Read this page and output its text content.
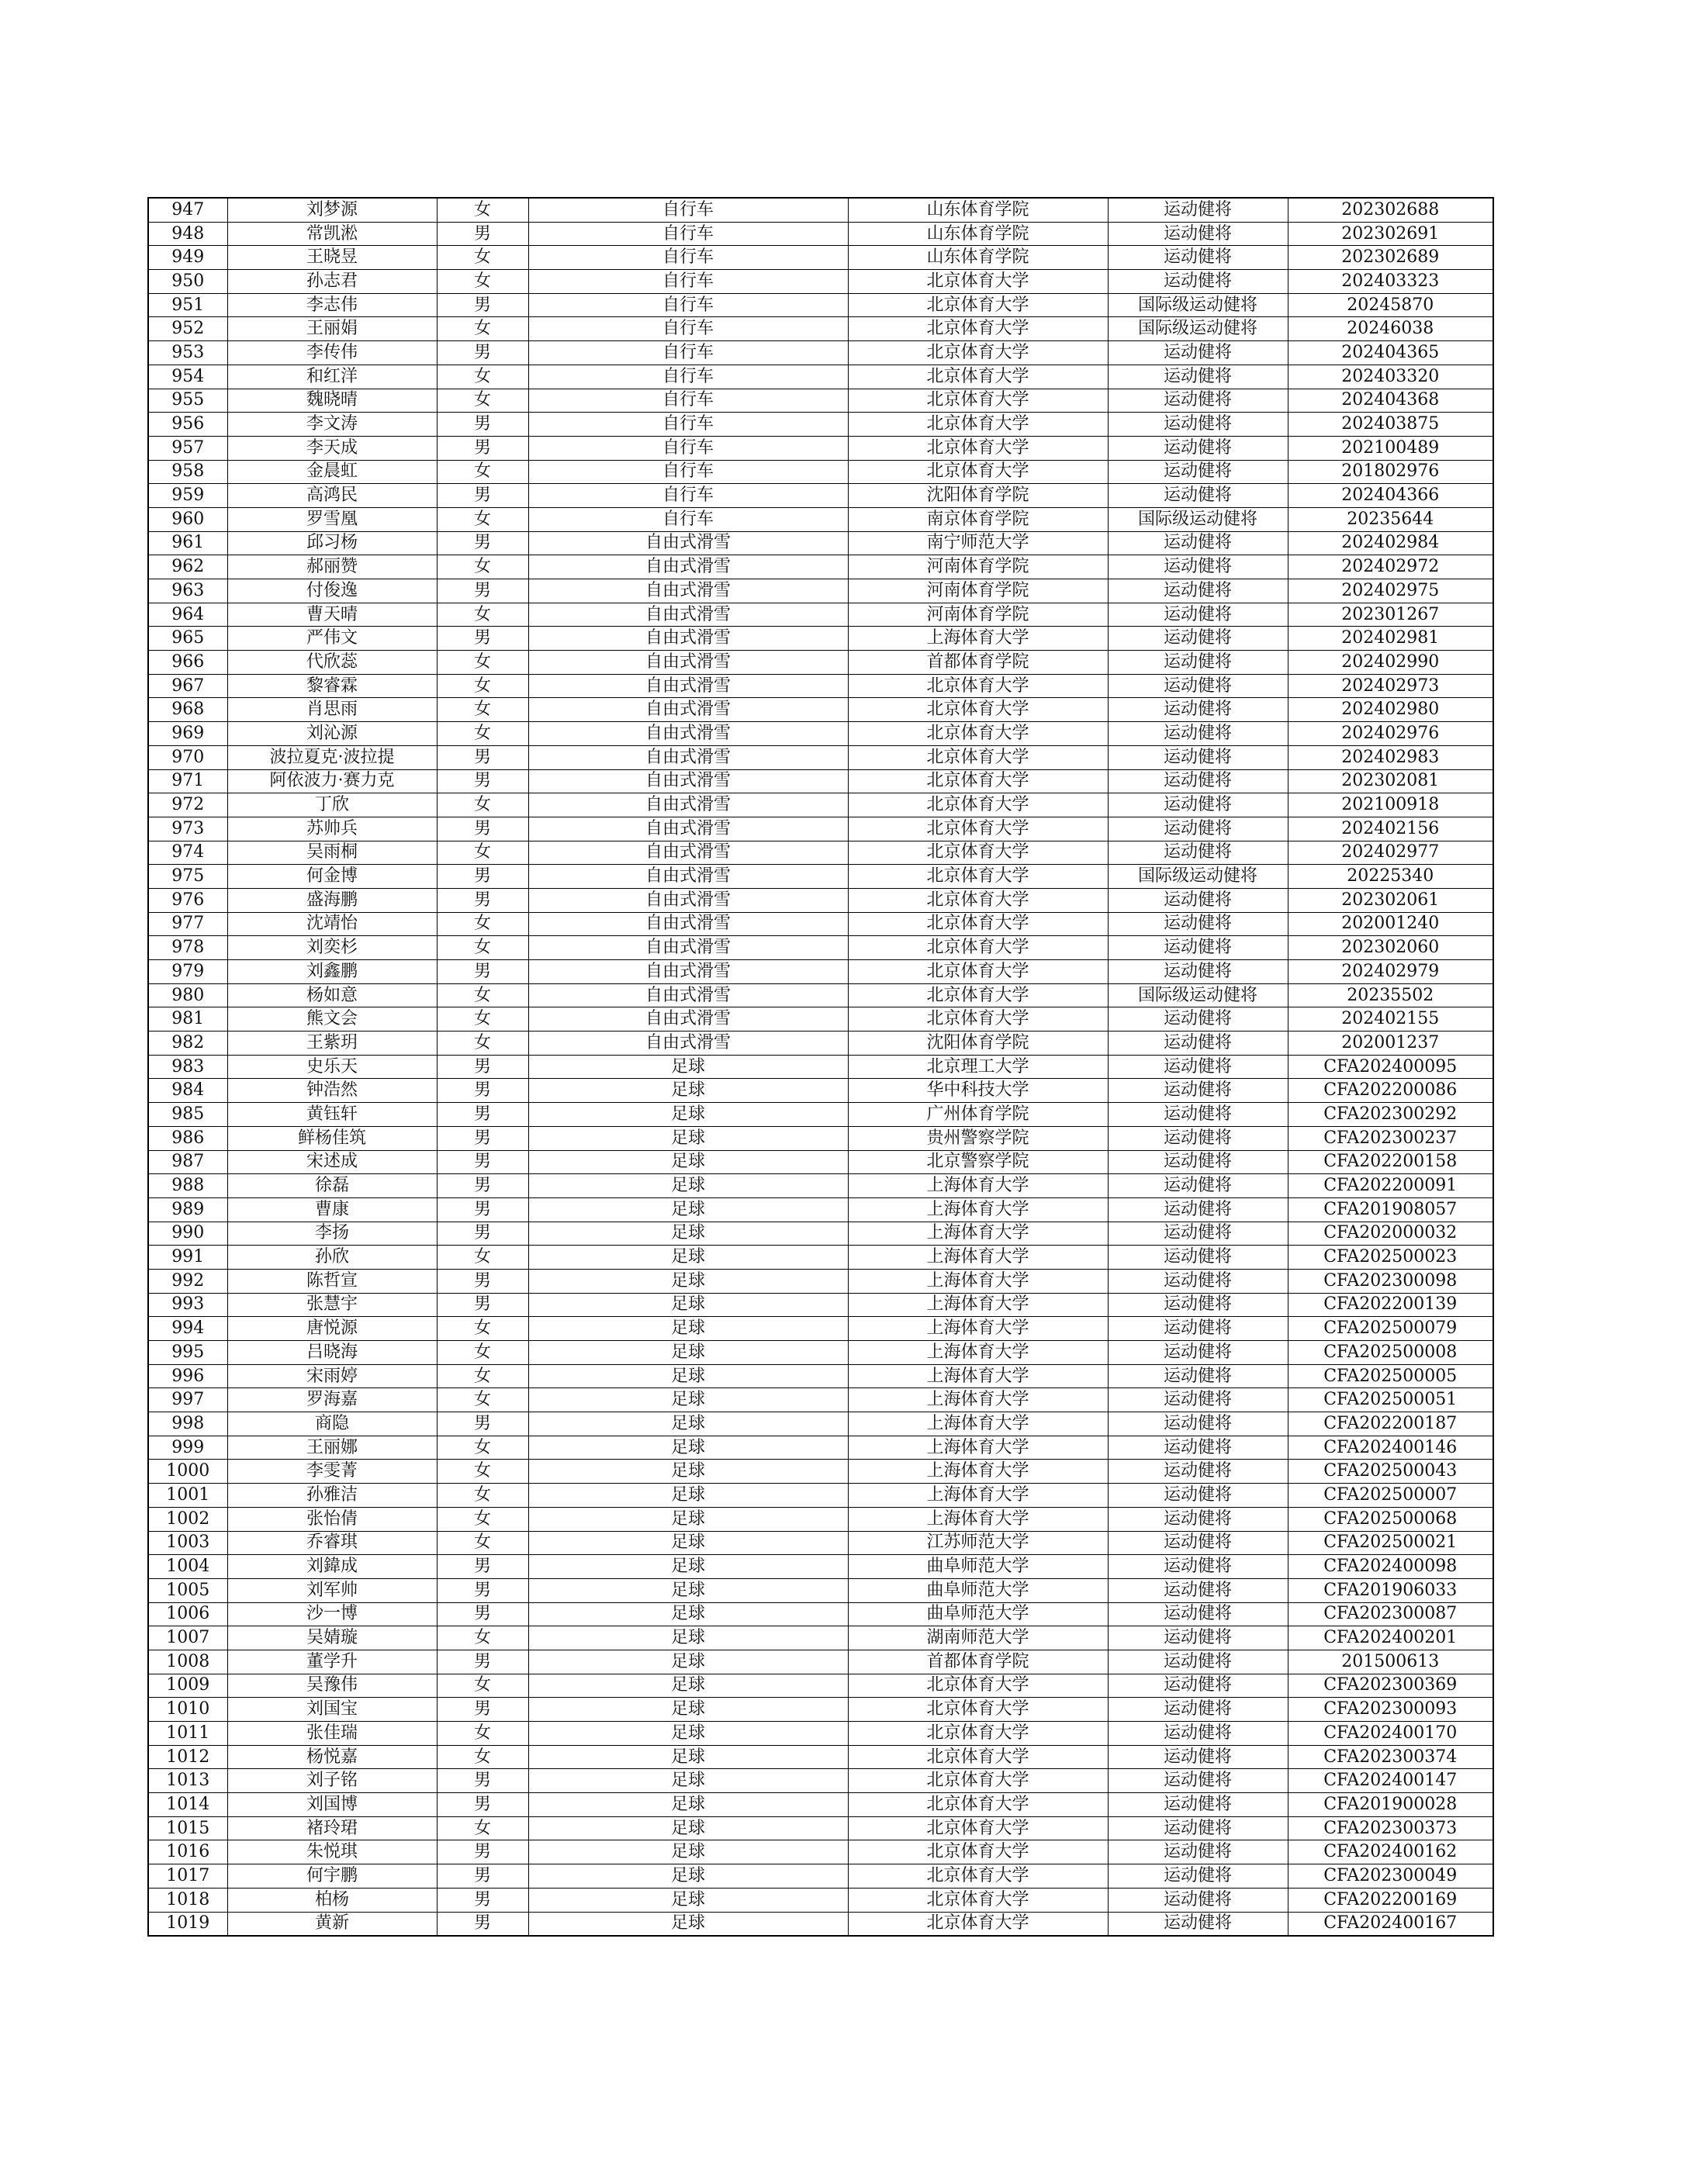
947	刘梦源	女	自行车	山东体育学院	运动健将	202302688
948	常凯淞	男	自行车	山东体育学院	运动健将	202302691
949	王晓昱	女	自行车	山东体育学院	运动健将	202302689
950	孙志君	女	自行车	北京体育大学	运动健将	202403323
951	李志伟	男	自行车	北京体育大学	国际级运动健将	20245870
952	王丽娟	女	自行车	北京体育大学	国际级运动健将	20246038
953	李传伟	男	自行车	北京体育大学	运动健将	202404365
954	和红洋	女	自行车	北京体育大学	运动健将	202403320
955	魏晓晴	女	自行车	北京体育大学	运动健将	202404368
956	李文涛	男	自行车	北京体育大学	运动健将	202403875
957	李天成	男	自行车	北京体育大学	运动健将	202100489
958	金晨虹	女	自行车	北京体育大学	运动健将	201802976
959	高鸿民	男	自行车	沈阳体育学院	运动健将	202404366
960	罗雪凰	女	自行车	南京体育学院	国际级运动健将	20235644
961	邱习杨	男	自由式滑雪	南宁师范大学	运动健将	202402984
962	郝丽赞	女	自由式滑雪	河南体育学院	运动健将	202402972
963	付俊逸	男	自由式滑雪	河南体育学院	运动健将	202402975
964	曹天晴	女	自由式滑雪	河南体育学院	运动健将	202301267
965	严伟文	男	自由式滑雪	上海体育大学	运动健将	202402981
966	代欣蕊	女	自由式滑雪	首都体育学院	运动健将	202402990
967	黎睿霖	女	自由式滑雪	北京体育大学	运动健将	202402973
968	肖思雨	女	自由式滑雪	北京体育大学	运动健将	202402980
969	刘沁源	女	自由式滑雪	北京体育大学	运动健将	202402976
970	波拉夏克·波拉提	男	自由式滑雪	北京体育大学	运动健将	202402983
971	阿依波力·赛力克	男	自由式滑雪	北京体育大学	运动健将	202302081
972	丁欣	女	自由式滑雪	北京体育大学	运动健将	202100918
973	苏帅兵	男	自由式滑雪	北京体育大学	运动健将	202402156
974	吴雨桐	女	自由式滑雪	北京体育大学	运动健将	202402977
975	何金博	男	自由式滑雪	北京体育大学	国际级运动健将	20225340
976	盛海鹏	男	自由式滑雪	北京体育大学	运动健将	202302061
977	沈靖怡	女	自由式滑雪	北京体育大学	运动健将	202001240
978	刘奕杉	女	自由式滑雪	北京体育大学	运动健将	202302060
979	刘鑫鹏	男	自由式滑雪	北京体育大学	运动健将	202402979
980	杨如意	女	自由式滑雪	北京体育大学	国际级运动健将	20235502
981	熊文会	女	自由式滑雪	北京体育大学	运动健将	202402155
982	王紫玥	女	自由式滑雪	沈阳体育学院	运动健将	202001237
983	史乐天	男	足球	北京理工大学	运动健将	CFA202400095
984	钟浩然	男	足球	华中科技大学	运动健将	CFA202200086
985	黄钰轩	男	足球	广州体育学院	运动健将	CFA202300292
986	鲜杨佳筑	男	足球	贵州警察学院	运动健将	CFA202300237
987	宋述成	男	足球	北京警察学院	运动健将	CFA202200158
988	徐磊	男	足球	上海体育大学	运动健将	CFA202200091
989	曹康	男	足球	上海体育大学	运动健将	CFA201908057
990	李扬	男	足球	上海体育大学	运动健将	CFA202000032
991	孙欣	女	足球	上海体育大学	运动健将	CFA202500023
992	陈哲宣	男	足球	上海体育大学	运动健将	CFA202300098
993	张慧宇	男	足球	上海体育大学	运动健将	CFA202200139
994	唐悦源	女	足球	上海体育大学	运动健将	CFA202500079
995	吕晓海	女	足球	上海体育大学	运动健将	CFA202500008
996	宋雨婷	女	足球	上海体育大学	运动健将	CFA202500005
997	罗海嘉	女	足球	上海体育大学	运动健将	CFA202500051
998	商隐	男	足球	上海体育大学	运动健将	CFA202200187
999	王丽娜	女	足球	上海体育大学	运动健将	CFA202400146
1000	李雯菁	女	足球	上海体育大学	运动健将	CFA202500043
1001	孙雅洁	女	足球	上海体育大学	运动健将	CFA202500007
1002	张怡倩	女	足球	上海体育大学	运动健将	CFA202500068
1003	乔睿琪	女	足球	江苏师范大学	运动健将	CFA202500021
1004	刘鍏成	男	足球	曲阜师范大学	运动健将	CFA202400098
1005	刘军帅	男	足球	曲阜师范大学	运动健将	CFA201906033
1006	沙一博	男	足球	曲阜师范大学	运动健将	CFA202300087
1007	吴婧璇	女	足球	湖南师范大学	运动健将	CFA202400201
1008	董学升	男	足球	首都体育学院	运动健将	201500613
1009	吴豫伟	女	足球	北京体育大学	运动健将	CFA202300369
1010	刘国宝	男	足球	北京体育大学	运动健将	CFA202300093
1011	张佳瑞	女	足球	北京体育大学	运动健将	CFA202400170
1012	杨悦嘉	女	足球	北京体育大学	运动健将	CFA202300374
1013	刘子铭	男	足球	北京体育大学	运动健将	CFA202400147
1014	刘国博	男	足球	北京体育大学	运动健将	CFA201900028
1015	褚玲珺	女	足球	北京体育大学	运动健将	CFA202300373
1016	朱悦琪	男	足球	北京体育大学	运动健将	CFA202400162
1017	何宇鹏	男	足球	北京体育大学	运动健将	CFA202300049
1018	柏杨	男	足球	北京体育大学	运动健将	CFA202200169
1019	黄新	男	足球	北京体育大学	运动健将	CFA202400167
